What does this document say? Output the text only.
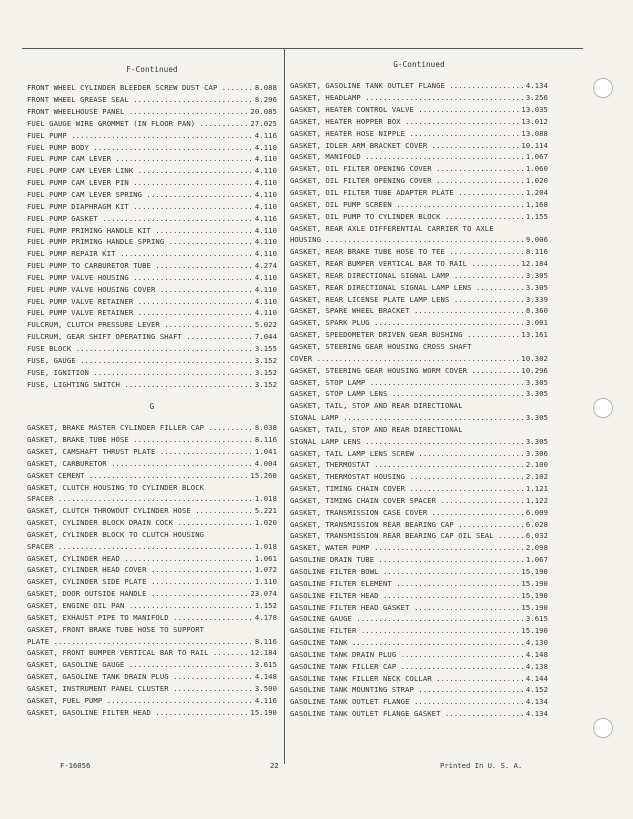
F-Continued
FRONT WHEEL CYLINDER BLEEDER SCREW DUST CAP .....	8.088
FRONT WHEEL GREASE SEAL .....	8.296
FRONT WHEELHOUSE PANEL .....	20.085
FUEL GAUGE WIRE GROMMET (IN FLOOR PAN) .....	27.025
FUEL PUMP .....	4.116
FUEL PUMP BODY .....	4.110
FUEL PUMP CAM LEVER .....	4.110
FUEL PUMP CAM LEVER LINK .....	4.110
FUEL PUMP CAM LEVER PIN .....	4.110
FUEL PUMP CAM LEVER SPRING .....	4.110
FUEL PUMP DIAPHRAGM KIT .....	4.110
FUEL PUMP GASKET .....	4.116
FUEL PUMP PRIMING HANDLE KIT .....	4.110
FUEL PUMP PRIMING HANDLE SPRING .....	4.110
FUEL PUMP REPAIR KIT .....	4.110
FUEL PUMP TO CARBURETOR TUBE .....	4.274
FUEL PUMP VALVE HOUSING .....	4.110
FUEL PUMP VALVE HOUSING COVER .....	4.110
FUEL PUMP VALVE RETAINER .....	4.110
FUEL PUMP VALVE RETAINER .....	4.110
FULCRUM, CLUTCH PRESSURE LEVER .....	5.022
FULCRUM, GEAR SHIFT OPERATING SHAFT .....	7.044
FUSE BLOCK .....	3.155
FUSE, GAUGE .....	3.152
FUSE, IGNITION .....	3.152
FUSE, LIGHTING SWITCH .....	3.152
G
GASKET, BRAKE MASTER CYLINDER FILLER CAP .....	8.038
GASKET, BRAKE TUBE HOSE .....	8.116
GASKET, CAMSHAFT THRUST PLATE .....	1.041
GASKET, CARBURETOR .....	4.004
GASKET CEMENT .....	15.260
GASKET, CLUTCH HOUSING TO CYLINDER BLOCK
SPACER .....	1.018
GASKET, CLUTCH THROWOUT CYLINDER HOSE .....	5.221
GASKET, CYLINDER BLOCK DRAIN COCK .....	1.020
GASKET, CYLINDER BLOCK TO CLUTCH HOUSING
SPACER .....	1.018
GASKET, CYLINDER HEAD .....	1.061
GASKET, CYLINDER HEAD COVER .....	1.072
GASKET, CYLINDER SIDE PLATE .....	1.110
GASKET, DOOR OUTSIDE HANDLE .....	23.074
GASKET, ENGINE OIL PAN .....	1.152
GASKET, EXHAUST PIPE TO MANIFOLD .....	4.178
GASKET, FRONT BRAKE TUBE HOSE TO SUPPORT
PLATE .....	8.116
GASKET, FRONT BUMPER VERTICAL BAR TO RAIL .....	12.184
GASKET, GASOLINE GAUGE .....	3.615
GASKET, GASOLINE TANK DRAIN PLUG .....	4.148
GASKET, INSTRUMENT PANEL CLUSTER .....	3.500
GASKET, FUEL PUMP .....	4.116
GASKET, GASOLINE FILTER HEAD .....	15.190
G-Continued
GASKET, GASOLINE TANK OUTLET FLANGE .....	4.134
GASKET, HEADLAMP .....	3.256
GASKET, HEATER CONTROL VALVE .....	13.035
GASKET, HEATER HOPPER BOX .....	13.012
GASKET, HEATER HOSE NIPPLE .....	13.088
GASKET, IDLER ARM BRACKET COVER .....	10.114
GASKET, MANIFOLD .....	1.067
GASKET, OIL FILTER OPENING COVER .....	1.060
GASKET, OIL FILTER OPENING COVER .....	1.020
GASKET, OIL FILTER TUBE ADAPTER PLATE .....	1.204
GASKET, OIL PUMP SCREEN .....	1.168
GASKET, OIL PUMP TO CYLINDER BLOCK .....	1.155
GASKET, REAR AXLE DIFFERENTIAL CARRIER TO AXLE
HOUSING .....	9.006
GASKET, REAR BRAKE TUBE HOSE TO TEE .....	8.116
GASKET, REAR BUMPER VERTICAL BAR TO RAIL .....	12.184
GASKET, REAR DIRECTIONAL SIGNAL LAMP .....	3.305
GASKET, REAR DIRECTIONAL SIGNAL LAMP LENS .....	3.305
GASKET, REAR LICENSE PLATE LAMP LENS .....	3.339
GASKET, SPARE WHEEL BRACKET .....	8.360
GASKET, SPARK PLUG .....	3.001
GASKET, SPEEDOMETER DRIVEN GEAR BUSHING .....	13.161
GASKET, STEERING GEAR HOUSING CROSS SHAFT
COVER .....	10.302
GASKET, STEERING GEAR HOUSING WORM COVER .....	10.296
GASKET, STOP LAMP .....	3.305
GASKET, STOP LAMP LENS .....	3.305
GASKET, TAIL, STOP AND REAR DIRECTIONAL
SIGNAL LAMP .....	3.305
GASKET, TAIL, STOP AND REAR DIRECTIONAL
SIGNAL LAMP LENS .....	3.305
GASKET, TAIL LAMP LENS SCREW .....	3.306
GASKET, THERMOSTAT .....	2.100
GASKET, THERMOSTAT HOUSING .....	2.102
GASKET, TIMING CHAIN COVER .....	1.121
GASKET, TIMING CHAIN COVER SPACER .....	1.122
GASKET, TRANSMISSION CASE COVER .....	6.009
GASKET, TRANSMISSION REAR BEARING CAP .....	6.028
GASKET, TRANSMISSION REAR BEARING CAP OIL SEAL .....	6.032
GASKET, WATER PUMP .....	2.098
GASOLINE DRAIN TUBE .....	1.067
GASOLINE FILTER BOWL .....	15.190
GASOLINE FILTER ELEMENT .....	15.190
GASOLINE FILTER HEAD .....	15.190
GASOLINE FILTER HEAD GASKET .....	15.190
GASOLINE GAUGE .....	3.615
GASOLINE FILTER .....	15.190
GASOLINE TANK .....	4.130
GASOLINE TANK DRAIN PLUG .....	4.148
GASOLINE TANK FILLER CAP .....	4.138
GASOLINE TANK FILLER NECK COLLAR .....	4.144
GASOLINE TANK MOUNTING STRAP .....	4.152
GASOLINE TANK OUTLET FLANGE .....	4.134
GASOLINE TANK OUTLET FLANGE GASKET .....	4.134
F-16056	22	Printed In U. S. A.
